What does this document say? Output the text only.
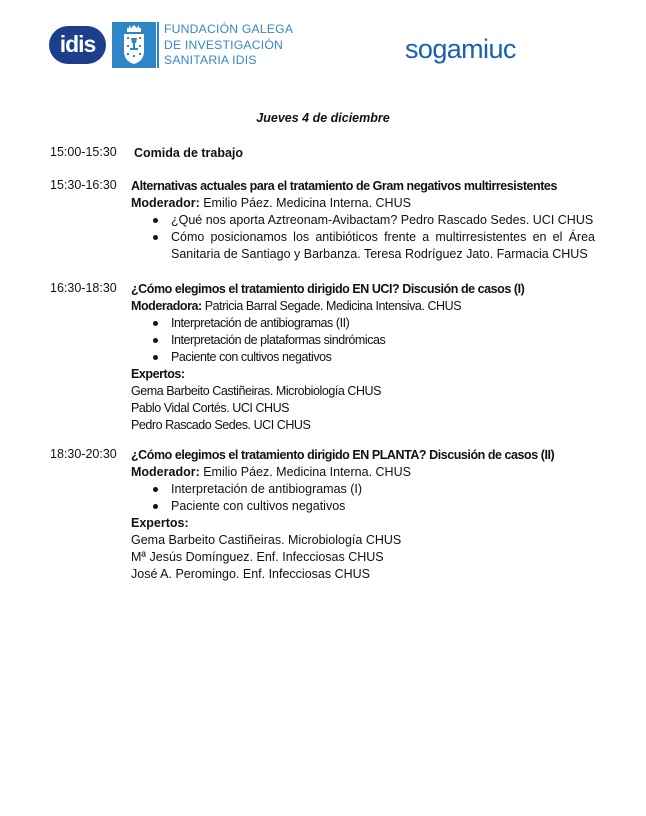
idis
FUNDACIÓN GALEGA
DE INVESTIGACIÓN
SANITARIA IDIS	sogamiuc
Jueves 4 de diciembre
15:00-15:30 Comida de trabajo
15:30-16:30 Alternativas actuales para el tratamiento de Gram negativos multirresistentes
Moderador: Emilio Páez. Medicina Interna. CHUS
¿Qué nos aporta Aztreonam-Avibactam? Pedro Rascado Sedes. UCI CHUS
Cómo posicionamos los antibióticos frente a multirresistentes en el Área Sanitaria de Santiago y Barbanza. Teresa Rodríguez Jato. Farmacia CHUS
16:30-18:30 ¿Cómo elegimos el tratamiento dirigido EN UCI? Discusión de casos (I)
Moderadora: Patricia Barral Segade. Medicina Intensiva. CHUS
Interpretación de antibiogramas (II)
Interpretación de plataformas sindrómicas
Paciente con cultivos negativos
Expertos:
Gema Barbeito Castiñeiras. Microbiología CHUS
Pablo Vidal Cortés. UCI CHUS
Pedro Rascado Sedes. UCI CHUS
18:30-20:30 ¿Cómo elegimos el tratamiento dirigido EN PLANTA? Discusión de casos (II)
Moderador: Emilio Páez. Medicina Interna. CHUS
Interpretación de antibiogramas (I)
Paciente con cultivos negativos
Expertos:
Gema Barbeito Castiñeiras. Microbiología CHUS
Mª Jesús Domínguez. Enf. Infecciosas CHUS
José A. Peromingo. Enf. Infecciosas CHUS
